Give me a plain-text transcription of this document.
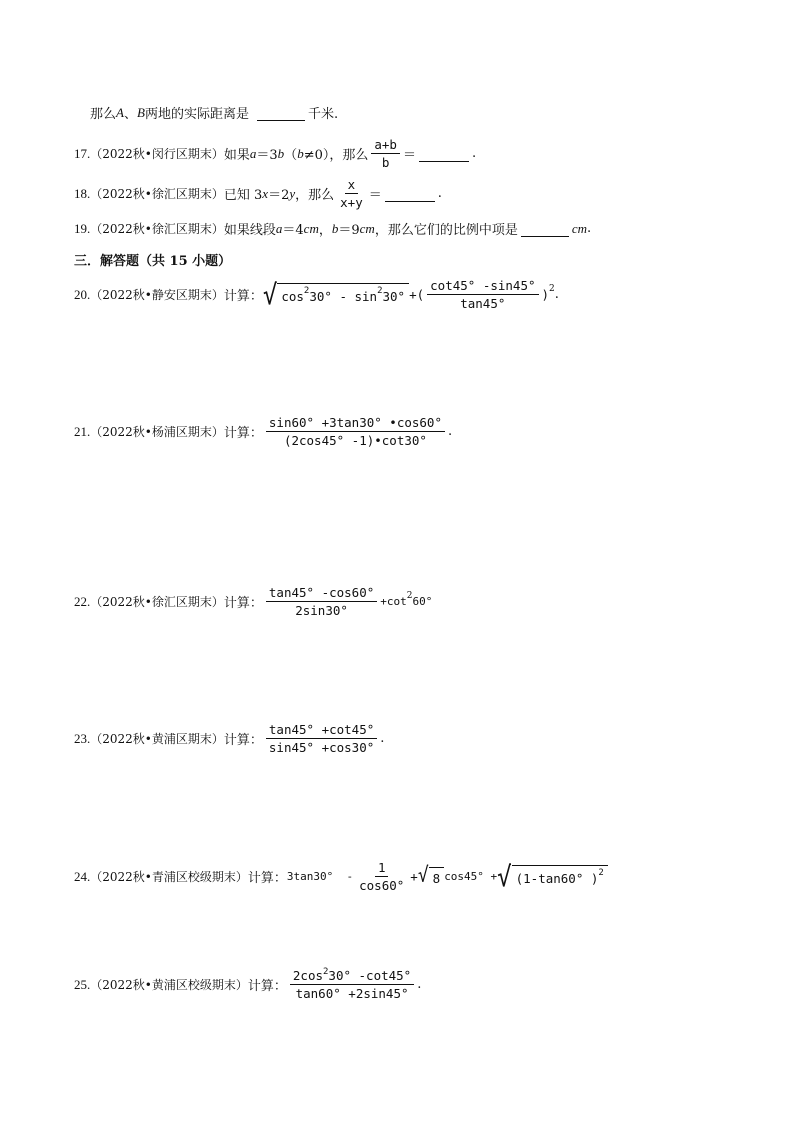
那么 A 、 B 两地的实际距离是
	千米.
17. （2022秋•闵行区期末） 如果 a ＝3 b （ b ≠0），那么 $\frac{a+b}{b}$ ＝
	.
18. （2022秋•徐汇区期末） 已知 3 x ＝2 y ，那么 $\frac{x}{x+y}$ ＝
	.
19. （2022秋•徐汇区期末） 如果线段 a ＝4 cm ， b ＝9 cm ，那么它们的比例中项是
	cm .
三．解答题（共 15 小题）
20. （2022秋•静安区期末） 计算： √ cos 2 30° - sin 2 30° +( $\frac{\cot 45^\circ -\sin 45^\circ}{\tan 45^\circ}$ ) 2 .
21. （2022秋•杨浦区期末） 计算： $\frac{\sin 60^\circ +3\tan 30^\circ •\cos 60^\circ}{(2\cos 45^\circ -1)•\cot 30^\circ}$ .
22. （2022秋•徐汇区期末） 计算： $\frac{\tan 45^\circ -\cos 60^\circ}{2\sin 30^\circ} +\cot$ 2 60°
23. （2022秋•黄浦区期末） 计算： $\frac{\tan 45^\circ +\cot 45^\circ}{\sin 45^\circ +\cos 30^\circ}$ .
24. （2022秋•青浦区校级期末） 计算： $3\tan 30^\circ - \frac{1}{\cos 60^\circ}$ + √ 8 cos45° + √ (1-tan60° ) 2
25. （2022秋•黄浦区校级期末） 计算： $\frac{2\cos^230^\circ -\cot 45^\circ}{\tan 60^\circ +2\sin 45^\circ}$ .
